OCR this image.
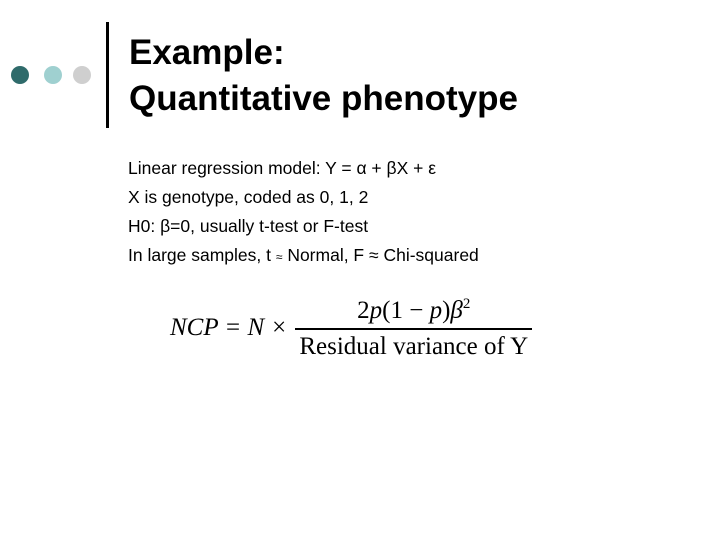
Example:
Quantitative phenotype
Linear regression model: Y = α + βX + ε
X is genotype, coded as 0, 1, 2
H0: β=0, usually t-test or F-test
In large samples, t ≈ Normal, F ≈ Chi-squared
NCP = $N \times \frac{2p(1 - p)\beta^2}{\text{Residual variance of Y}}$
